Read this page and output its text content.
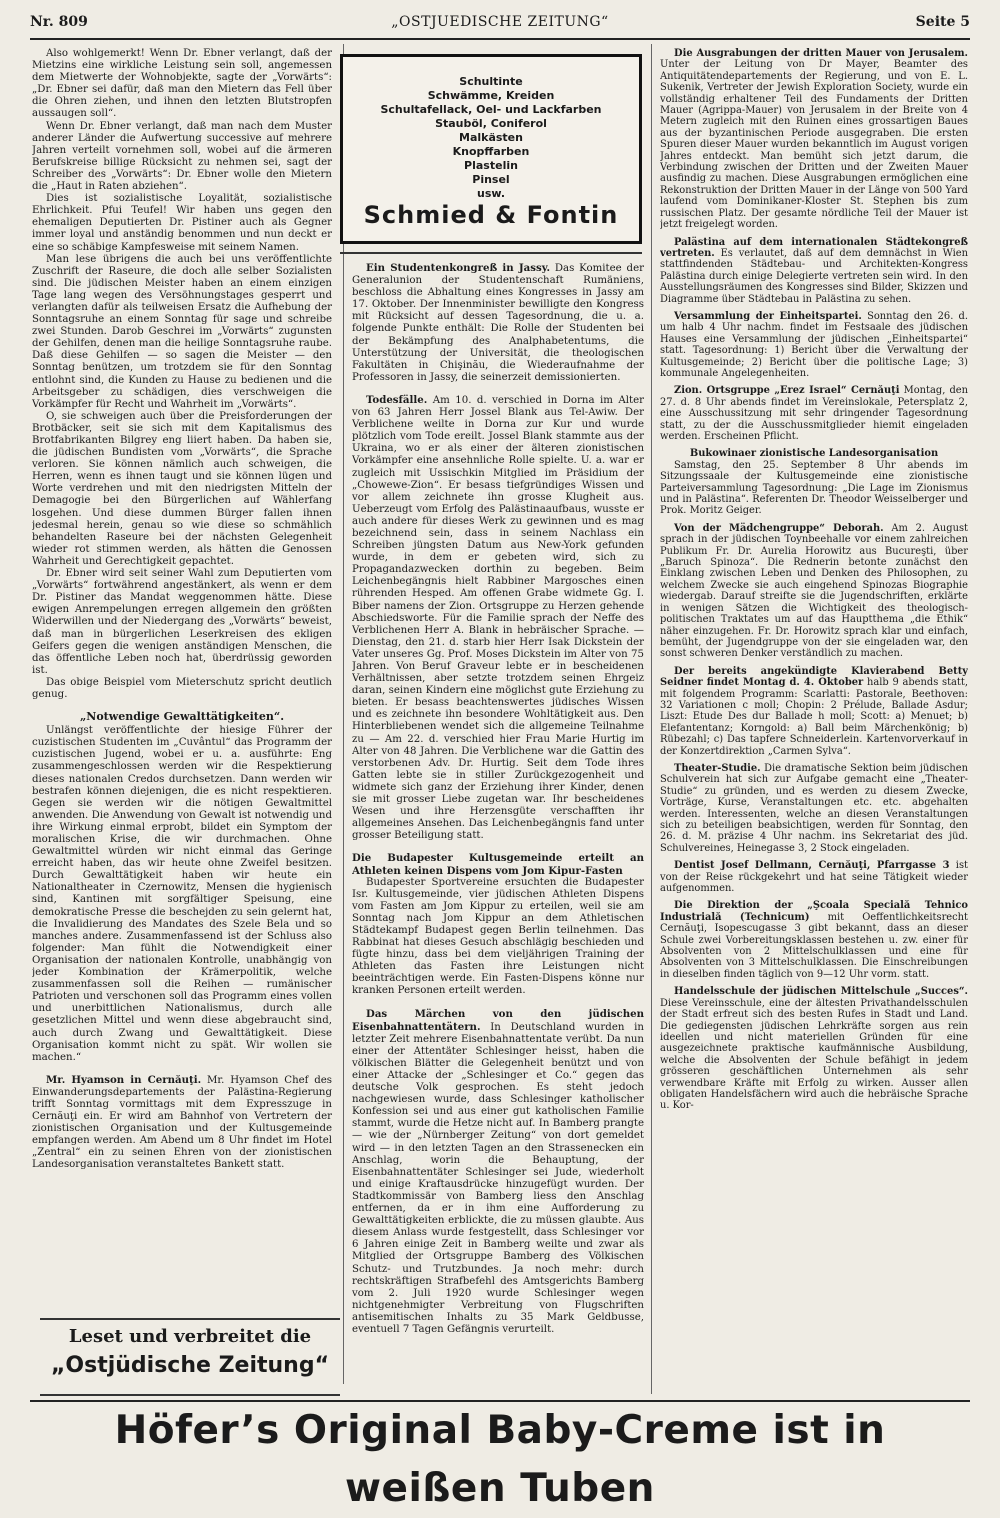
Nr. 809	„OSTJUEDISCHE ZEITUNG“	Seite 5

Also wohlgemerkt! Wenn Dr. Ebner verlangt, daß der Mietzins eine wirkliche Leistung sein soll, angemessen dem Mietwerte der Wohnobjekte, sagte der „Vorwärts“: „Dr. Ebner sei dafür, daß man den Mietern das Fell über die Ohren ziehen, und ihnen den letzten Blutstropfen aussaugen soll“.

Wenn Dr. Ebner verlangt, daß man nach dem Muster anderer Länder die Aufwertung successive auf mehrere Jahren verteilt vornehmen soll, wobei auf die ärmeren Berufskreise billige Rücksicht zu nehmen sei, sagt der Schreiber des „Vorwärts“: Dr. Ebner wolle den Mietern die „Haut in Raten abziehen“.

Dies ist sozialistische Loyalität, sozialistische Ehrlichkeit. Pfui Teufel! Wir haben uns gegen den ehemaligen Deputierten Dr. Pistiner auch als Gegner immer loyal und anständig benommen und nun deckt er eine so schäbige Kampfesweise mit seinem Namen.

Man lese übrigens die auch bei uns veröffentlichte Zuschrift der Raseure, die doch alle selber Sozialisten sind. Die jüdischen Meister haben an einem einzigen Tage lang wegen des Versöhnungstages gesperrt und verlangten dafür als teilweisen Ersatz die Aufhebung der Sonntagsruhe an einem Sonntag für sage und schreibe zwei Stunden. Darob Geschrei im „Vorwärts“ zugunsten der Gehilfen, denen man die heilige Sonntagsruhe raube. Daß diese Gehilfen — so sagen die Meister — den Sonntag benützen, um trotzdem sie für den Sonntag entlohnt sind, die Kunden zu Hause zu bedienen und die Arbeitsgeber zu schädigen, dies verschweigen die Vorkämpfer für Recht und Wahrheit im „Vorwärts“.

O, sie schweigen auch über die Preisforderungen der Brotbäcker, seit sie sich mit dem Kapitalismus des Brotfabrikanten Bilgrey eng liiert haben. Da haben sie, die jüdischen Bundisten vom „Vorwärts“, die Sprache verloren. Sie können nämlich auch schweigen, die Herren, wenn es ihnen taugt und sie können lügen und Worte verdrehen und mit den niedrigsten Mitteln der Demagogie bei den Bürgerlichen auf Wählerfang losgehen. Und diese dummen Bürger fallen ihnen jedesmal herein, genau so wie diese so schmählich behandelten Raseure bei der nächsten Gelegenheit wieder rot stimmen werden, als hätten die Genossen Wahrheit und Gerechtigkeit gepachtet.

Dr. Ebner wird seit seiner Wahl zum Deputierten vom „Vorwärts“ fortwährend angestänkert, als wenn er dem Dr. Pistiner das Mandat weggenommen hätte. Diese ewigen Anrempelungen erregen allgemein den größten Widerwillen und der Niedergang des „Vorwärts“ beweist, daß man in bürgerlichen Leserkreisen des ekligen Geifers gegen die wenigen anständigen Menschen, die das öffentliche Leben noch hat, überdrüssig geworden ist.

Das obige Beispiel vom Mieterschutz spricht deutlich genug.

„Notwendige Gewalttätigkeiten“.

Unlängst veröffentlichte der hiesige Führer der cuzistischen Studenten im „Cuvântul“ das Programm der cuzistischen Jugend, wobei er u. a. ausführte: Eng zusammengeschlossen werden wir die Respektierung dieses nationalen Credos durchsetzen. Dann werden wir bestrafen können diejenigen, die es nicht respektieren. Gegen sie werden wir die nötigen Gewaltmittel anwenden. Die Anwendung von Gewalt ist notwendig und ihre Wirkung einmal erprobt, bildet ein Symptom der moralischen Krise, die wir durchmachen. Ohne Gewaltmittel würden wir nicht einmal das Geringe erreicht haben, das wir heute ohne Zweifel besitzen. Durch Gewalttätigkeit haben wir heute ein Nationaltheater in Czernowitz, Mensen die hygienisch sind, Kantinen mit sorgfältiger Speisung, eine demokratische Presse die beschejden zu sein gelernt hat, die Invalidierung des Mandates des Szele Bela und so manches andere. Zusammenfassend ist der Schluss also folgender: Man fühlt die Notwendigkeit einer Organisation der nationalen Kontrolle, unabhängig von jeder Kombination der Krämerpolitik, welche zusammenfassen soll die Reihen — rumänischer Patrioten und verschonen soll das Programm eines vollen und unerbittlichen Nationalismus, durch alle gesetzlichen Mittel und wenn diese abgebraucht sind, auch durch Zwang und Gewalttätigkeit. Diese Organisation kommt nicht zu spät. Wir wollen sie machen.“

Mr. Hyamson in Cernăuţi. Mr. Hyamson Chef des Einwanderungsdepartements der Palästina-Regierung trifft Sonntag vormittags mit dem Expresszuge in Cernăuţi ein. Er wird am Bahnhof von Vertretern der zionistischen Organisation und der Kultusgemeinde empfangen werden. Am Abend um 8 Uhr findet im Hotel „Zentral“ ein zu seinen Ehren von der zionistischen Landesorganisation veranstaltetes Bankett statt.

Schultinte
Schwämme, Kreiden
Schultafellack, Oel- und Lackfarben
Stauböl, Coniferol
Malkästen
Knopffarben
Plastelin
Pinsel
usw.
Schmied & Fontin

Ein Studentenkongreß in Jassy. Das Komitee der Generalunion der Studentenschaft Rumäniens, beschloss die Abhaltung eines Kongresses in Jassy am 17. Oktober. Der Innenminister bewilligte den Kongress mit Rücksicht auf dessen Tagesordnung, die u. a. folgende Punkte enthält: Die Rolle der Studenten bei der Bekämpfung des Analphabetentums, die Unterstützung der Universität, die theologischen Fakultäten in Chişinău, die Wiederaufnahme der Professoren in Jassy, die seinerzeit demissionierten.

Todesfälle. Am 10. d. verschied in Dorna im Alter von 63 Jahren Herr Jossel Blank aus Tel-Awiw. Der Verblichene weilte in Dorna zur Kur und wurde plötzlich vom Tode ereilt. Jossel Blank stammte aus der Ukraina, wo er als einer der älteren zionistischen Vorkämpfer eine ansehnliche Rolle spielte. U. a. war er zugleich mit Ussischkin Mitglied im Präsidium der „Chowewe-Zion“. Er besass tiefgründiges Wissen und vor allem zeichnete ihn grosse Klugheit aus. Ueberzeugt vom Erfolg des Palästinaaufbaus, wusste er auch andere für dieses Werk zu gewinnen und es mag bezeichnend sein, dass in seinem Nachlass ein Schreiben jüngsten Datum aus New-York gefunden wurde, in dem er gebeten wird, sich zu Propagandazwecken dorthin zu begeben. Beim Leichenbegängnis hielt Rabbiner Margosches einen rührenden Hesped. Am offenen Grabe widmete Gg. I. Biber namens der Zion. Ortsgruppe zu Herzen gehende Abschiedsworte. Für die Familie sprach der Neffe des Verblichenen Herr A. Blank in hebräischer Sprache. — Dienstag, den 21. d. starb hier Herr Isak Dickstein der Vater unseres Gg. Prof. Moses Dickstein im Alter von 75 Jahren. Von Beruf Graveur lebte er in bescheidenen Verhältnissen, aber setzte trotzdem seinen Ehrgeiz daran, seinen Kindern eine möglichst gute Erziehung zu bieten. Er besass beachtenswertes jüdisches Wissen und es zeichnete ihn besondere Wohltätigkeit aus. Den Hinterbliebenen wendet sich die allgemeine Teilnahme zu — Am 22. d. verschied hier Frau Marie Hurtig im Alter von 48 Jahren. Die Verblichene war die Gattin des verstorbenen Adv. Dr. Hurtig. Seit dem Tode ihres Gatten lebte sie in stiller Zurückgezogenheit und widmete sich ganz der Erziehung ihrer Kinder, denen sie mit grosser Liebe zugetan war. Ihr bescheidenes Wesen und ihre Herzensgüte verschafften ihr allgemeines Ansehen. Das Leichenbegängnis fand unter grosser Beteiligung statt.

Die Budapester Kultusgemeinde erteilt an Athleten keinen Dispens vom Jom Kipur-Fasten

Budapester Sportvereine ersuchten die Budapester Isr. Kultusgemeinde, vier jüdischen Athleten Dispens vom Fasten am Jom Kippur zu erteilen, weil sie am Sonntag nach Jom Kippur an dem Athletischen Städtekampf Budapest gegen Berlin teilnehmen. Das Rabbinat hat dieses Gesuch abschlägig beschieden und fügte hinzu, dass bei dem vieljährigen Training der Athleten das Fasten ihre Leistungen nicht beeinträchtigen werde. Ein Fasten-Dispens könne nur kranken Personen erteilt werden.

Das Märchen von den jüdischen Eisenbahnattentätern. In Deutschland wurden in letzter Zeit mehrere Eisenbahnattentate verübt. Da nun einer der Attentäter Schlesinger heisst, haben die völkischen Blätter die Gelegenheit benützt und von einer Attacke der „Schlesinger et Co.“ gegen das deutsche Volk gesprochen. Es steht jedoch nachgewiesen wurde, dass Schlesinger katholischer Konfession sei und aus einer gut katholischen Familie stammt, wurde die Hetze nicht auf. In Bamberg prangte — wie der „Nürnberger Zeitung“ von dort gemeldet wird — in den letzten Tagen an den Strassenecken ein Anschlag, worin die Behauptung, der Eisenbahnattentäter Schlesinger sei Jude, wiederholt und einige Kraftausdrücke hinzugefügt wurden. Der Stadtkommissär von Bamberg liess den Anschlag entfernen, da er in ihm eine Aufforderung zu Gewalttätigkeiten erblickte, die zu müssen glaubte. Aus diesem Anlass wurde festgestellt, dass Schlesinger vor 6 Jahren einige Zeit in Bamberg weilte und zwar als Mitglied der Ortsgruppe Bamberg des Völkischen Schutz- und Trutzbundes. Ja noch mehr: durch rechtskräftigen Strafbefehl des Amtsgerichts Bamberg vom 2. Juli 1920 wurde Schlesinger wegen nichtgenehmigter Verbreitung von Flugschriften antisemitischen Inhalts zu 35 Mark Geldbusse, eventuell 7 Tagen Gefängnis verurteilt.

Die Ausgrabungen der dritten Mauer von Jerusalem. Unter der Leitung von Dr Mayer, Beamter des Antiquitätendepartements der Regierung, und von E. L. Sukenik, Vertreter der Jewish Exploration Society, wurde ein vollständig erhaltener Teil des Fundaments der Dritten Mauer (Agrippa-Mauer) von Jerusalem in der Breite von 4 Metern zugleich mit den Ruinen eines grossartigen Baues aus der byzantinischen Periode ausgegraben. Die ersten Spuren dieser Mauer wurden bekanntlich im August vorigen Jahres entdeckt. Man bemüht sich jetzt darum, die Verbindung zwischen der Dritten und der Zweiten Mauer ausfindig zu machen. Diese Ausgrabungen ermöglichen eine Rekonstruktion der Dritten Mauer in der Länge von 500 Yard laufend vom Dominikaner-Kloster St. Stephen bis zum russischen Platz. Der gesamte nördliche Teil der Mauer ist jetzt freigelegt worden.

Palästina auf dem internationalen Städtekongreß vertreten. Es verlautet, daß auf dem demnächst in Wien stattfindenden Städtebau- und Architekten-Kongress Palästina durch einige Delegierte vertreten sein wird. In den Ausstellungsräumen des Kongresses sind Bilder, Skizzen und Diagramme über Städtebau in Palästina zu sehen.

Versammlung der Einheitspartei. Sonntag den 26. d. um halb 4 Uhr nachm. findet im Festsaale des jüdischen Hauses eine Versammlung der jüdischen „Einheitspartei“ statt. Tagesordnung: 1) Bericht über die Verwaltung der Kultusgemeinde; 2) Bericht über die politische Lage; 3) kommunale Angelegenheiten.

Zion. Ortsgruppe „Erez Israel“ Cernăuţi Montag, den 27. d. 8 Uhr abends findet im Vereinslokale, Petersplatz 2, eine Ausschussitzung mit sehr dringender Tagesordnung statt, zu der die Ausschussmitglieder hiemit eingeladen werden. Erscheinen Pflicht.

Bukowinaer zionistische Landesorganisation

Samstag, den 25. September 8 Uhr abends im Sitzungssaale der Kultusgemeinde eine zionistische Parteiversammlung Tagesordnung: „Die Lage im Zionismus und in Palästina“. Referenten Dr. Theodor Weisselberger und Prok. Moritz Geiger.

Von der Mädchengruppe“ Deborah. Am 2. August sprach in der jüdischen Toynbeehalle vor einem zahlreichen Publikum Fr. Dr. Aurelia Horowitz aus Bucureşti, über „Baruch Spinoza“. Die Rednerin betonte zunächst den Einklang zwischen Leben und Denken des Philosophen, zu welchem Zwecke sie auch eingehend Spinozas Biographie wiedergab. Darauf streifte sie die Jugendschriften, erklärte in wenigen Sätzen die Wichtigkeit des theologisch-politischen Traktates um auf das Hauptthema „die Ethik“ näher einzugehen. Fr. Dr. Horowitz sprach klar und einfach, bemüht, der Jugendgruppe von der sie eingeladen war, den sonst schweren Denker verständlich zu machen.

Der bereits angekündigte Klavierabend Betty Seidner findet Montag d. 4. Oktober halb 9 abends statt, mit folgendem Programm: Scarlatti: Pastorale, Beethoven: 32 Variationen c moll; Chopin: 2 Prélude, Ballade Asdur; Liszt: Etude Des dur Ballade h moll; Scott: a) Menuet; b) Elefantentanz; Korngold: a) Ball beim Märchenkönig; b) Rübezahl; c) Das tapfere Schneiderlein. Kartenvorverkauf in der Konzertdirektion „Carmen Sylva“.

Theater-Studie. Die dramatische Sektion beim jüdischen Schulverein hat sich zur Aufgabe gemacht eine „Theater-Studie“ zu gründen, und es werden zu diesem Zwecke, Vorträge, Kurse, Veranstaltungen etc. etc. abgehalten werden. Interessenten, welche an diesen Veranstaltungen sich zu beteiligen beabsichtigen, werden für Sonntag, den 26. d. M. präzise 4 Uhr nachm. ins Sekretariat des jüd. Schulvereines, Heinegasse 3, 2 Stock eingeladen.

Dentist Josef Dellmann, Cernăuţi, Pfarrgasse 3 ist von der Reise rückgekehrt und hat seine Tätigkeit wieder aufgenommen.

Die Direktion der „Şcoala Specială Tehnico Industrială (Technicum) mit Oeffentlichkeitsrecht Cernăuţi, Isopescugasse 3 gibt bekannt, dass an dieser Schule zwei Vorbereitungsklassen bestehen u. zw. einer für Absolventen von 2 Mittelschulklassen und eine für Absolventen von 3 Mittelschulklassen. Die Einschreibungen in dieselben finden täglich von 9—12 Uhr vorm. statt.

Handelsschule der jüdischen Mittelschule „Succes“. Diese Vereinsschule, eine der ältesten Privathandelsschulen der Stadt erfreut sich des besten Rufes in Stadt und Land. Die gediegensten jüdischen Lehrkräfte sorgen aus rein ideellen und nicht materiellen Gründen für eine ausgezeichnete praktische kaufmännische Ausbildung, welche die Absolventen der Schule befähigt in jedem grösseren geschäftlichen Unternehmen als sehr verwendbare Kräfte mit Erfolg zu wirken. Ausser allen obligaten Handelsfächern wird auch die hebräische Sprache u. Kor-

Leset und verbreitet die
„Ostjüdische Zeitung“
Höfer’s Original Baby-Creme ist in weißen Tuben
